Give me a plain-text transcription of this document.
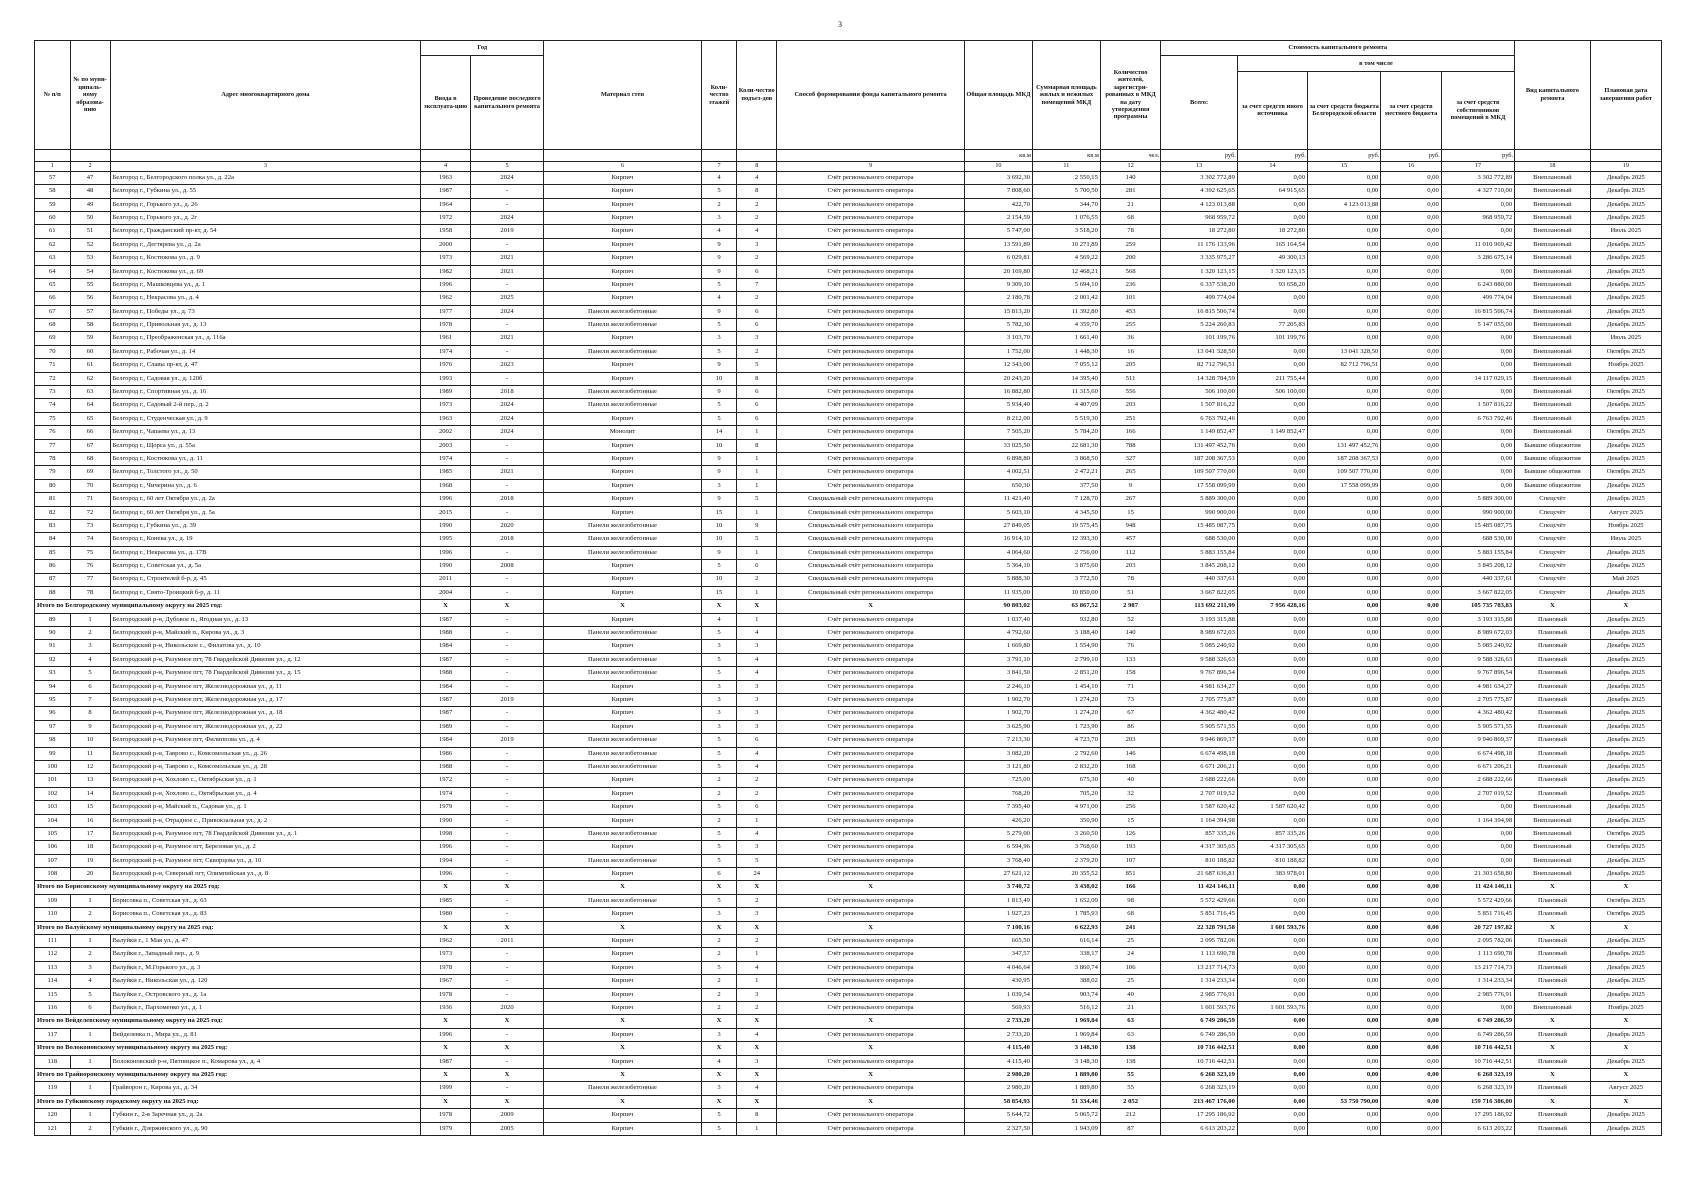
3
№ п/п	№ по муни-ципаль-ному образова-нию	Адрес многоквартирного дома	Год		Материал стен	Коли-чество этажей	Коли-чество подъез-дов	Способ формирования фонда капитального ремонта	Общая площадь МКД	Суммарная площадь жилых и нежилых помещений МКД	Количество жителей, зарегистри-рованных в МКД на дату утверждения программы	Стоимость капитального ремонта					Вид капитального ремонта	Плановая дата завершения работ
			Ввода в эксплуата-цию	Проведение последнего капитального ремонта								Всего:	в том числе					
													за счет средств иного источника	за счет средств бюджета Белгородской области	за счет средств местного бюджета	за счет средств собственников помещений в МКД		
									кв.м	кв.м	чел.	руб.	руб.	руб.	руб.	руб.		
1	2	3	4	5	6	7	8	9	10	11	12	13	14	15	16	17	18	19
57	47	Белгород г., Белгородского полка ул., д. 22а	1963	2024	Кирпич	4	4	Счёт регионального оператора	3 692,30	2 550,15	140	3 302 772,89	0,00	0,00	0,00	3 302 772,89	Внеплановый	Декабрь 2025
58	48	Белгород г., Губкина ул., д. 55	1987	-	Кирпич	5	8	Счёт регионального оператора	7 808,60	5 700,50	281	4 392 625,65	64 915,65	0,00	0,00	4 327 710,00	Внеплановый	Декабрь 2025
59	49	Белгород г., Горького ул., д. 26	1964	-	Кирпич	2	2	Счёт регионального оператора	422,70	344,70	21	4 123 013,88	0,00	4 123 013,88	0,00	0,00	Внеплановый	Декабрь 2025
60	50	Белгород г., Горького ул., д. 2г	1972	2024	Кирпич	3	2	Счёт регионального оператора	2 154,59	1 076,55	68	968 959,72	0,00	0,00	0,00	968 959,72	Внеплановый	Декабрь 2025
61	51	Белгород г., Гражданский пр-кт, д. 54	1958	2019	Кирпич	4	4	Счёт регионального оператора	5 747,00	3 518,20	78	18 272,80	18 272,80	0,00	0,00	0,00	Внеплановый	Июль 2025
62	52	Белгород г., Дегтярева ул., д. 2а	2000	-	Кирпич	9	3	Счёт регионального оператора	13 591,89	10 271,89	259	11 176 133,96	165 164,54	0,00	0,00	11 010 969,42	Внеплановый	Декабрь 2025
63	53	Белгород г., Костюкова ул., д. 9	1973	2021	Кирпич	9	2	Счёт регионального оператора	6 029,81	4 569,22	200	3 335 975,27	49 300,13	0,00	0,00	3 286 675,14	Внеплановый	Декабрь 2025
64	54	Белгород г., Костюкова ул., д. 69	1982	2021	Кирпич	9	6	Счёт регионального оператора	20 169,80	12 468,21	568	1 320 123,15	1 320 123,15	0,00	0,00	0,00	Внеплановый	Декабрь 2025
65	55	Белгород г., Машковцева ул., д. 1	1996	-	Кирпич	5	7	Счёт регионального оператора	9 309,10	5 694,10	236	6 337 538,20	93 658,20	0,00	0,00	6 243 880,00	Внеплановый	Декабрь 2025
66	56	Белгород г., Некрасова ул., д. 4	1962	2025	Кирпич	4	2	Счёт регионального оператора	2 180,78	2 001,42	101	499 774,04	0,00	0,00	0,00	499 774,04	Внеплановый	Декабрь 2025
67	57	Белгород г., Победы ул., д. 73	1977	2024	Панели железобетонные	9	6	Счёт регионального оператора	15 813,20	11 392,80	453	16 815 506,74	0,00	0,00	0,00	16 815 506,74	Внеплановый	Декабрь 2025
68	58	Белгород г., Привольная ул., д. 13	1978	-	Панели железобетонные	5	6	Счёт регионального оператора	5 782,30	4 359,70	255	5 224 260,83	77 205,83	0,00	0,00	5 147 055,00	Внеплановый	Декабрь 2025
69	59	Белгород г., Преображенская ул., д. 116а	1961	2021	Кирпич	3	3	Счёт регионального оператора	3 103,70	1 661,40	36	101 199,76	101 199,76	0,00	0,00	0,00	Внеплановый	Июль 2025
70	60	Белгород г., Рабочая ул., д. 14	1974	-	Панели железобетонные	5	2	Счёт регионального оператора	1 752,00	1 448,30	16	13 041 328,50	0,00	13 041 328,50	0,00	0,00	Внеплановый	Октябрь 2025
71	61	Белгород г., Славы пр-кт, д. 47	1976	2023	Кирпич	9	5	Счёт регионального оператора	12 343,00	7 055,12	205	82 712 796,51	0,00	82 712 796,51	0,00	0,00	Внеплановый	Ноябрь 2025
72	62	Белгород г., Садовая ул., д. 120б	1993	-	Кирпич	10	8	Счёт регионального оператора	20 243,20	14 395,40	511	14 328 784,59	211 755,44	0,00	0,00	14 117 029,15	Внеплановый	Декабрь 2025
73	63	Белгород г., Спортивная ул., д. 16	1989	2018	Панели железобетонные	9	6	Счёт регионального оператора	16 882,80	11 315,60	556	506 100,00	506 100,00	0,00	0,00	0,00	Внеплановый	Октябрь 2025
74	64	Белгород г., Садовый 2-й пер., д. 2	1973	2024	Панели железобетонные	5	6	Счёт регионального оператора	5 934,40	4 407,09	203	1 507 816,22	0,00	0,00	0,00	1 507 816,22	Внеплановый	Декабрь 2025
75	65	Белгород г., Студенческая ул., д. 9	1963	2024	Кирпич	5	6	Счёт регионального оператора	8 212,00	5 519,30	251	6 763 792,46	0,00	0,00	0,00	6 763 792,46	Внеплановый	Декабрь 2025
76	66	Белгород г., Чапаева ул., д. 13	2002	2024	Монолит	14	1	Счёт регионального оператора	7 505,20	5 784,20	166	1 149 852,47	1 149 852,47	0,00	0,00	0,00	Внеплановый	Октябрь 2025
77	67	Белгород г., Щорса ул., д. 55а	2003	-	Кирпич	10	8	Счёт регионального оператора	33 025,50	22 681,30	788	131 497 452,76	0,00	131 497 452,76	0,00	0,00	Бывшие общежития	Декабрь 2025
78	68	Белгород г., Костюкова ул., д. 11	1974	-	Кирпич	9	1	Счёт регионального оператора	6 898,80	3 868,50	327	187 208 367,53	0,00	187 208 367,53	0,00	0,00	Бывшие общежития	Декабрь 2025
79	69	Белгород г., Толстого ул., д. 50	1985	2021	Кирпич	9	1	Счёт регионального оператора	4 002,51	2 472,21	265	109 507 770,00	0,00	109 507 770,00	0,00	0,00	Бывшие общежития	Октябрь 2025
80	70	Белгород г., Чичерина ул., д. 6	1968	-	Кирпич	3	1	Счёт регионального оператора	650,30	377,50	9	17 558 099,99	0,00	17 558 099,99	0,00	0,00	Бывшие общежития	Декабрь 2025
81	71	Белгород г., 60 лет Октября ул., д. 2а	1996	2018	Кирпич	9	5	Специальный счёт регионального оператора	11 421,40	7 128,70	267	5 889 300,00	0,00	0,00	0,00	5 889 300,00	Спецсчёт	Декабрь 2025
82	72	Белгород г., 60 лет Октября ул., д. 5а	2015	-	Кирпич	15	1	Специальный счёт регионального оператора	5 603,10	4 345,50	15	990 900,00	0,00	0,00	0,00	990 900,00	Спецсчёт	Август 2025
83	73	Белгород г., Губкина ул., д. 39	1990	2020	Панели железобетонные	10	9	Специальный счёт регионального оператора	27 849,05	19 575,45	948	15 485 087,75	0,00	0,00	0,00	15 485 087,75	Спецсчёт	Ноябрь 2025
84	74	Белгород г., Конева ул., д. 19	1995	2018	Панели железобетонные	10	5	Специальный счёт регионального оператора	16 914,10	12 393,30	457	688 530,00	0,00	0,00	0,00	688 530,00	Спецсчёт	Июль 2025
85	75	Белгород г., Некрасова ул., д. 17В	1996	-	Панели железобетонные	9	1	Специальный счёт регионального оператора	4 064,60	2 756,00	112	5 883 155,84	0,00	0,00	0,00	5 883 155,84	Спецсчёт	Декабрь 2025
86	76	Белгород г., Советская ул., д. 5а	1990	2008	Кирпич	5	6	Специальный счёт регионального оператора	5 364,10	3 875,60	203	3 845 208,12	0,00	0,00	0,00	3 845 208,12	Спецсчёт	Декабрь 2025
87	77	Белгород г., Строителей б-р, д. 45	2011	-	Кирпич	10	2	Специальный счёт регионального оператора	5 888,30	3 772,50	78	440 337,61	0,00	0,00	0,00	440 337,61	Спецсчёт	Май 2025
88	78	Белгород г., Свято-Троицкий б-р, д. 11	2004	-	Кирпич	15	1	Специальный счёт регионального оператора	11 935,00	10 850,00	51	3 667 822,05	0,00	0,00	0,00	3 667 822,05	Спецсчёт	Декабрь 2025
Итого по Белгородскому муниципальному округу на 2025 год:			X	X	X	X	X	X	90 803,02	63 867,52	2 987	113 692 211,99	7 956 428,16	0,00	0,00	105 735 783,83	X	X
89	1	Белгородский р-н, Дубовое п., Ягодная ул., д. 13	1987	-	Кирпич	4	1	Счёт регионального оператора	1 037,40	932,80	52	3 193 315,88	0,00	0,00	0,00	3 193 315,88	Плановый	Декабрь 2025
90	2	Белгородский р-н, Майский п., Кирова ул., д. 3	1988	-	Панели железобетонные	5	4	Счёт регионального оператора	4 792,60	3 188,40	140	8 989 672,03	0,00	0,00	0,00	8 989 672,03	Плановый	Декабрь 2025
91	3	Белгородский р-н, Никольское с., Филатова ул., д. 10	1984	-	Кирпич	3	3	Счёт регионального оператора	1 669,80	1 554,90	76	5 085 240,92	0,00	0,00	0,00	5 085 240,92	Плановый	Декабрь 2025
92	4	Белгородский р-н, Разумное пгт, 78 Гвардейской Дивизии ул., д. 12	1987	-	Панели железобетонные	5	4	Счёт регионального оператора	3 791,10	2 799,10	133	9 588 326,63	0,00	0,00	0,00	9 588 326,63	Плановый	Декабрь 2025
93	5	Белгородский р-н, Разумное пгт, 78 Гвардейской Дивизии ул., д. 15	1988	-	Панели железобетонные	5	4	Счёт регионального оператора	3 841,50	2 851,20	158	9 767 896,54	0,00	0,00	0,00	9 767 896,54	Плановый	Декабрь 2025
94	6	Белгородский р-н, Разумное пгт, Железнодорожная ул., д. 11	1984	-	Кирпич	3	3	Счёт регионального оператора	2 246,10	1 454,10	71	4 981 634,27	0,00	0,00	0,00	4 981 634,27	Плановый	Декабрь 2025
95	7	Белгородский р-н, Разумное пгт, Железнодорожная ул., д. 17	1987	2019	Кирпич	3	3	Счёт регионального оператора	1 902,70	1 274,20	73	2 705 775,87	0,00	0,00	0,00	2 705 775,87	Плановый	Декабрь 2025
96	8	Белгородский р-н, Разумное пгт, Железнодорожная ул., д. 18	1987	-	Кирпич	3	3	Счёт регионального оператора	1 902,70	1 274,20	67	4 362 480,42	0,00	0,00	0,00	4 362 480,42	Плановый	Декабрь 2025
97	9	Белгородский р-н, Разумное пгт, Железнодорожная ул., д. 22	1989	-	Кирпич	3	3	Счёт регионального оператора	3 625,90	1 723,90	86	5 905 571,55	0,00	0,00	0,00	5 905 571,55	Плановый	Декабрь 2025
98	10	Белгородский р-н, Разумное пгт, Филиппова ул., д. 4	1984	2019	Панели железобетонные	5	6	Счёт регионального оператора	7 213,30	4 723,70	203	9 946 869,37	0,00	0,00	0,00	9 946 869,37	Плановый	Декабрь 2025
99	11	Белгородский р-н, Таврово с., Комсомольская ул., д. 26	1986	-	Панели железобетонные	5	4	Счёт регионального оператора	3 082,20	2 792,60	146	6 674 498,18	0,00	0,00	0,00	6 674 498,18	Плановый	Декабрь 2025
100	12	Белгородский р-н, Таврово с., Комсомольская ул., д. 28	1988	-	Панели железобетонные	5	4	Счёт регионального оператора	3 121,80	2 832,20	168	6 671 206,21	0,00	0,00	0,00	6 671 206,21	Плановый	Декабрь 2025
101	13	Белгородский р-н, Хохлово с., Октябрьская ул., д. 1	1972	-	Кирпич	2	2	Счёт регионального оператора	725,00	675,30	40	2 688 222,66	0,00	0,00	0,00	2 688 222,66	Плановый	Декабрь 2025
102	14	Белгородский р-н, Хохлово с., Октябрьская ул., д. 4	1974	-	Кирпич	2	2	Счёт регионального оператора	768,20	705,20	32	2 707 019,52	0,00	0,00	0,00	2 707 019,52	Плановый	Декабрь 2025
103	15	Белгородский р-н, Майский п., Садовая ул., д. 1	1979	-	Кирпич	5	6	Счёт регионального оператора	7 395,40	4 971,00	256	1 587 620,42	1 587 620,42	0,00	0,00	0,00	Внеплановый	Декабрь 2025
104	16	Белгородский р-н, Отрадное с., Привокзальная ул., д. 2	1990	-	Кирпич	2	1	Счёт регионального оператора	426,20	350,90	15	1 164 394,98	0,00	0,00	0,00	1 164 394,98	Внеплановый	Декабрь 2025
105	17	Белгородский р-н, Разумное пгт, 78 Гвардейской Дивизии ул., д. 1	1998	-	Панели железобетонные	5	4	Счёт регионального оператора	5 279,00	3 260,50	126	857 335,26	857 335,26	0,00	0,00	0,00	Внеплановый	Октябрь 2025
106	18	Белгородский р-н, Разумное пгт, Березовая ул., д. 2	1996	-	Кирпич	5	3	Счёт регионального оператора	6 594,96	3 768,60	193	4 317 305,65	4 317 305,65	0,00	0,00	0,00	Внеплановый	Октябрь 2025
107	19	Белгородский р-н, Разумное пгт, Скворцова ул., д. 10	1994	-	Панели железобетонные	5	5	Счёт регионального оператора	3 768,40	2 379,20	107	810 188,82	810 188,82	0,00	0,00	0,00	Внеплановый	Декабрь 2025
108	20	Белгородский р-н, Северный пгт, Олимпийская ул., д. 8	1996	-	Кирпич	6	24	Счёт регионального оператора	27 621,12	20 355,52	851	21 687 636,81	383 978,01	0,00	0,00	21 303 658,80	Внеплановый	Декабрь 2025
Итого по Борисовскому муниципальному округу на 2025 год:			X	X	X	X	X	X	3 740,72	3 438,02	166	11 424 146,11	0,00	0,00	0,00	11 424 146,11	X	X
109	1	Борисовка п., Советская ул., д. 63	1985	-	Панели железобетонные	5	2	Счёт регионального оператора	1 813,49	1 652,09	98	5 572 429,66	0,00	0,00	0,00	5 572 429,66	Плановый	Октябрь 2025
110	2	Борисовка п., Советская ул., д. 83	1980	-	Кирпич	3	3	Счёт регионального оператора	1 927,23	1 785,93	68	5 851 716,45	0,00	0,00	0,00	5 851 716,45	Плановый	Октябрь 2025
Итого по Валуйскому муниципальному округу на 2025 год:			X	X	X	X	X	X	7 100,16	6 622,93	241	22 328 791,58	1 601 593,76	0,00	0,00	20 727 197,82	X	X
111	1	Валуйки г., 1 Мая ул., д. 47	1962	2011	Кирпич	2	2	Счёт регионального оператора	665,50	616,14	25	2 095 782,06	0,00	0,00	0,00	2 095 782,06	Плановый	Декабрь 2025
112	2	Валуйки г., Западный пер., д. 9	1973	-	Кирпич	2	1	Счёт регионального оператора	347,57	338,17	24	1 113 690,78	0,00	0,00	0,00	1 113 690,78	Плановый	Декабрь 2025
113	3	Валуйки г., М.Горького ул., д. 3	1978	-	Кирпич	5	4	Счёт регионального оператора	4 046,64	3 860,74	106	13 217 714,73	0,00	0,00	0,00	13 217 714,73	Плановый	Декабрь 2025
114	4	Валуйки г., Никольская ул., д. 120	1967	-	Кирпич	2	1	Счёт регионального оператора	430,95	388,02	25	1 314 233,34	0,00	0,00	0,00	1 314 233,34	Плановый	Декабрь 2025
115	5	Валуйки г., Островского ул., д. 1а	1978	-	Кирпич	2	3	Счёт регионального оператора	1 039,54	903,74	40	2 985 776,91	0,00	0,00	0,00	2 985 776,91	Плановый	Декабрь 2025
116	6	Валуйки г., Пархоменко ул., д. 1	1936	2020	Кирпич	2	2	Счёт регионального оператора	569,93	516,12	21	1 601 593,76	1 601 593,76	0,00	0,00	0,00	Внеплановый	Ноябрь 2025
Итого по Вейделевскому муниципальному округу на 2025 год:			X	X	X	X	X	X	2 733,20	1 969,84	63	6 749 286,59	0,00	0,00	0,00	6 749 286,59	X	X
117	1	Вейделевка п., Мира ул., д. 81	1996	-	Кирпич	3	4	Счёт регионального оператора	2 733,20	1 969,84	63	6 749 286,59	0,00	0,00	0,00	6 749 286,59	Плановый	Декабрь 2025
Итого по Волоконовскому муниципальному округу на 2025 год:			X	X	X	X	X	X	4 115,40	3 148,30	138	10 716 442,51	0,00	0,00	0,00	10 716 442,51	X	X
118	1	Волоконовский р-н, Пятницкое п., Комарова ул., д. 4	1987	-	Кирпич	4	3	Счёт регионального оператора	4 115,40	3 148,30	138	10 716 442,51	0,00	0,00	0,00	10 716 442,51	Плановый	Декабрь 2025
Итого по Грайворонскому муниципальному округу на 2025 год:			X	X	X	X	X	X	2 980,20	1 889,80	55	6 268 323,19	0,00	0,00	0,00	6 268 323,19	X	X
119	1	Грайворон г., Кирова ул., д. 34	1999	-	Панели железобетонные	3	4	Счёт регионального оператора	2 980,20	1 889,80	55	6 268 323,19	0,00	0,00	0,00	6 268 323,19	Плановый	Август 2025
Итого по Губкинскому городскому округу на 2025 год:			X	X	X	X	X	X	58 854,93	51 334,46	2 052	213 467 176,00	0,00	53 750 790,00	0,00	159 716 386,00	X	X
120	1	Губкин г., 2-я Заречная ул., д. 2а	1978	2009	Кирпич	5	8	Счёт регионального оператора	5 644,72	5 065,72	212	17 295 186,92	0,00	0,00	0,00	17 295 186,92	Плановый	Декабрь 2025
121	2	Губкин г., Дзержинского ул., д. 90	1979	2005	Кирпич	5	1	Счёт регионального оператора	2 327,50	1 943,09	87	6 613 203,22	0,00	0,00	0,00	6 613 203,22	Плановый	Декабрь 2025
